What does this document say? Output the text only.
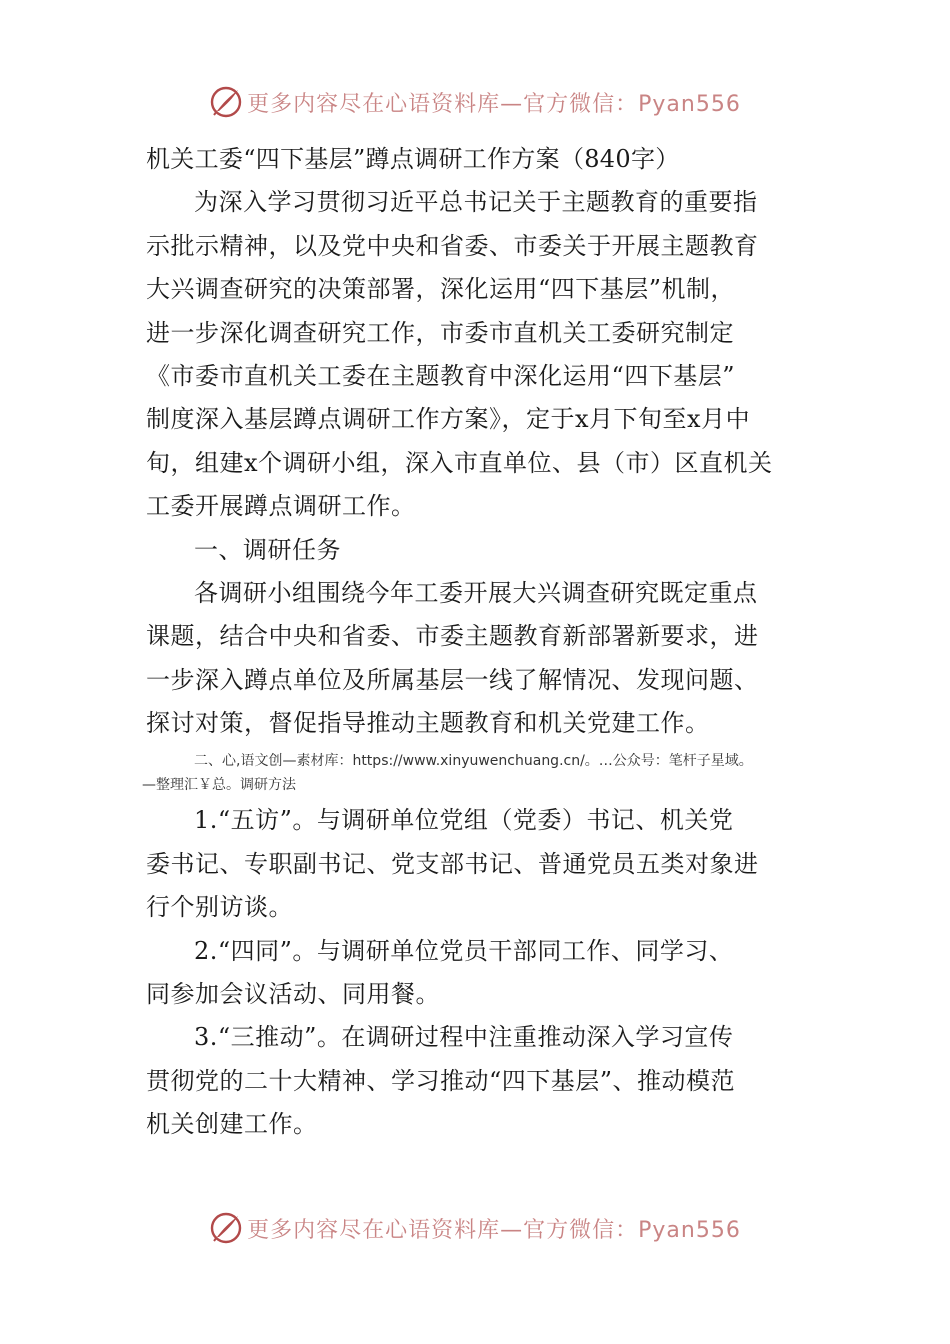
更多内容尽在心语资料库—官方微信：Pyan556
机关工委“四下基层”蹲点调研工作方案（840字）
为深入学习贯彻习近平总书记关于主题教育的重要指
示批示精神，以及党中央和省委、市委关于开展主题教育
大兴调查研究的决策部署，深化运用“四下基层”机制，
进一步深化调查研究工作，市委市直机关工委研究制定
《市委市直机关工委在主题教育中深化运用“四下基层”
制度深入基层蹲点调研工作方案》，定于x月下旬至x月中
旬，组建x个调研小组，深入市直单位、县（市）区直机关
工委开展蹲点调研工作。
一、调研任务
各调研小组围绕今年工委开展大兴调查研究既定重点
课题，结合中央和省委、市委主题教育新部署新要求，进
一步深入蹲点单位及所属基层一线了解情况、发现问题、
探讨对策，督促指导推动主题教育和机关党建工作。
二、心,语文创—素材库：https://www.xinyuwenchuang.cn/。…公众号：笔杆子星域。
—整理汇￥总。调研方法
1.“五访”。与调研单位党组（党委）书记、机关党
委书记、专职副书记、党支部书记、普通党员五类对象进
行个别访谈。
2.“四同”。与调研单位党员干部同工作、同学习、
同参加会议活动、同用餐。
3.“三推动”。在调研过程中注重推动深入学习宣传
贯彻党的二十大精神、学习推动“四下基层”、推动模范
机关创建工作。
更多内容尽在心语资料库—官方微信：Pyan556
